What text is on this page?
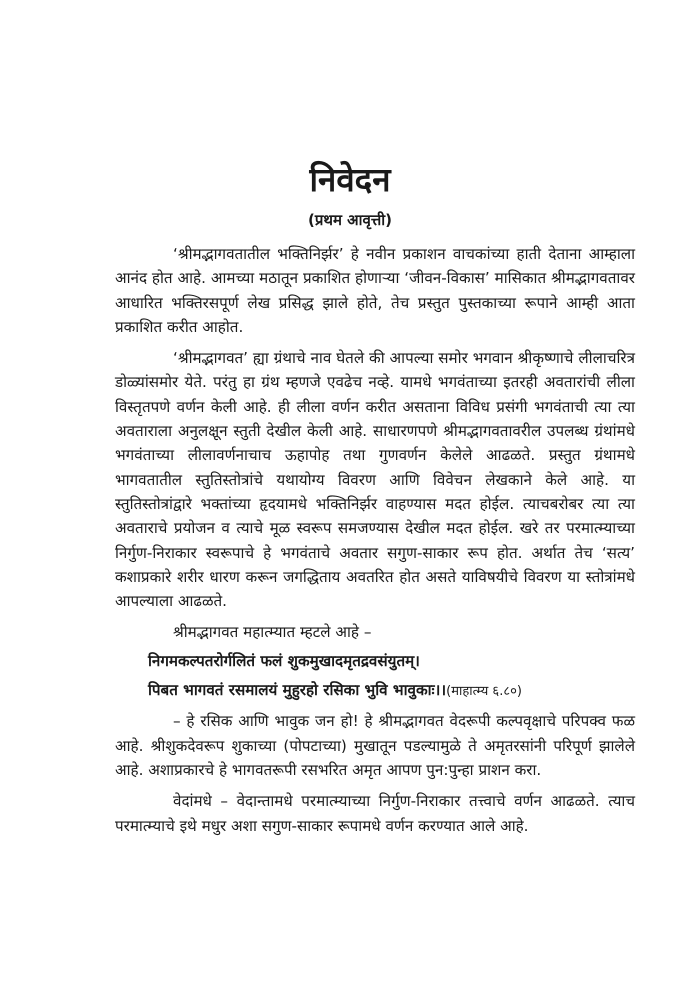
निवेदन
(प्रथम आवृत्ती)

‘श्रीमद्भागवतातील भक्तिनिर्झर’ हे नवीन प्रकाशन वाचकांच्या हाती देताना आम्हाला आनंद होत आहे. आमच्या मठातून प्रकाशित होणाऱ्या ‘जीवन-विकास’ मासिकात श्रीमद्भागवतावर आधारित भक्तिरसपूर्ण लेख प्रसिद्ध झाले होते, तेच प्रस्तुत पुस्तकाच्या रूपाने आम्ही आता प्रकाशित करीत आहोत.

‘श्रीमद्भागवत’ ह्या ग्रंथाचे नाव घेतले की आपल्या समोर भगवान श्रीकृष्णाचे लीलाचरित्र डोळ्यांसमोर येते. परंतु हा ग्रंथ म्हणजे एवढेच नव्हे. यामधे भगवंताच्या इतरही अवतारांची लीला विस्तृतपणे वर्णन केली आहे. ही लीला वर्णन करीत असताना विविध प्रसंगी भगवंताची त्या त्या अवताराला अनुलक्षून स्तुती देखील केली आहे. साधारणपणे श्रीमद्भागवतावरील उपलब्ध ग्रंथांमधे भगवंताच्या लीलावर्णनाचाच ऊहापोह तथा गुणवर्णन केलेले आढळते. प्रस्तुत ग्रंथामधे भागवतातील स्तुतिस्तोत्रांचे यथायोग्य विवरण आणि विवेचन लेखकाने केले आहे. या स्तुतिस्तोत्रांद्वारे भक्तांच्या हृदयामधे भक्तिनिर्झर वाहण्यास मदत होईल. त्याचबरोबर त्या त्या अवताराचे प्रयोजन व त्याचे मूळ स्वरूप समजण्यास देखील मदत होईल. खरे तर परमात्म्याच्या निर्गुण-निराकार स्वरूपाचे हे भगवंताचे अवतार सगुण-साकार रूप होत. अर्थात तेच ‘सत्य’ कशाप्रकारे शरीर धारण करून जगद्धिताय अवतरित होत असते याविषयीचे विवरण या स्तोत्रांमधे आपल्याला आढळते.

श्रीमद्भागवत महात्म्यात म्हटले आहे –

निगमकल्पतरोर्गलितं फलं शुकमुखादमृतद्रवसंयुतम्।
पिबत भागवतं रसमालयं मुहुरहो रसिका भुवि भावुकाः।।(माहात्म्य ६.८०)

– हे रसिक आणि भावुक जन हो! हे श्रीमद्भागवत वेदरूपी कल्पवृक्षाचे परिपक्व फळ आहे. श्रीशुकदेवरूप शुकाच्या (पोपटाच्या) मुखातून पडल्यामुळे ते अमृतरसांनी परिपूर्ण झालेले आहे. अशाप्रकारचे हे भागवतरूपी रसभरित अमृत आपण पुन:पुन्हा प्राशन करा.

वेदांमधे – वेदान्तामधे परमात्म्याच्या निर्गुण-निराकार तत्त्वाचे वर्णन आढळते. त्याच परमात्म्याचे इथे मधुर अशा सगुण-साकार रूपामधे वर्णन करण्यात आले आहे.
